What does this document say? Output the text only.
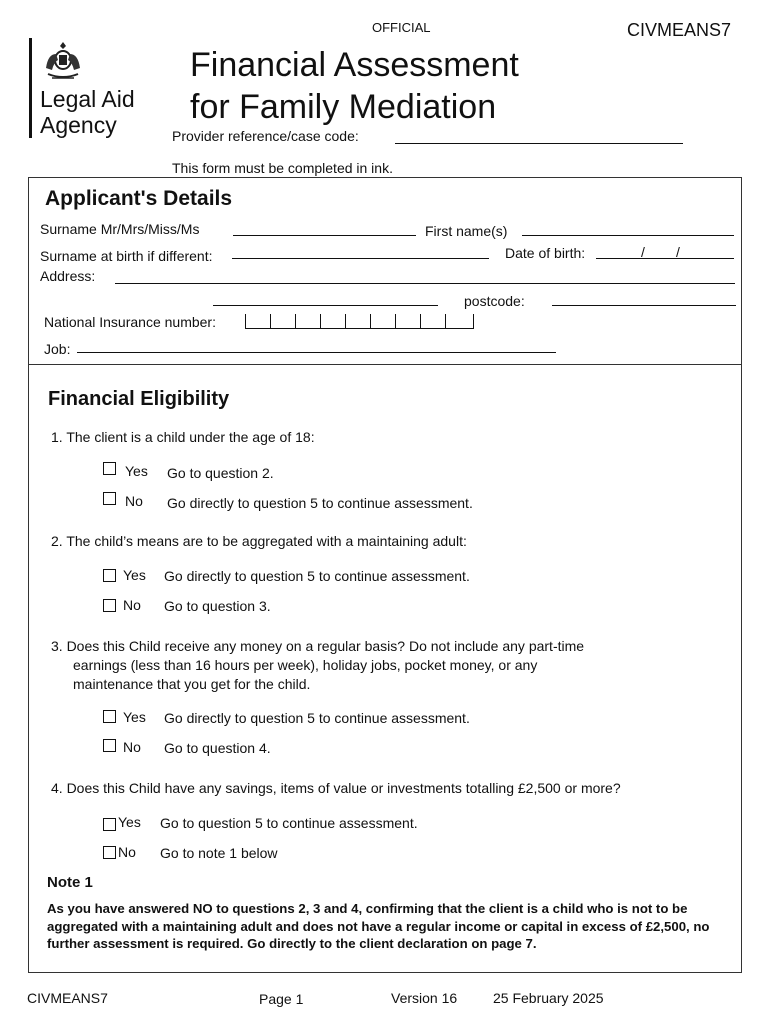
OFFICIAL	CIVMEANS7
Legal Aid
Agency
Financial Assessment
for Family Mediation
Provider reference/case code:
This form must be completed in ink.
Applicant's Details
Surname Mr/Mrs/Miss/Ms	First name(s)
Surname at birth if different:	Date of birth:	/ /
Address:
postcode:
National Insurance number:
Job:
Financial Eligibility
1. The client is a child under the age of 18:
Yes Go to question 2.
No Go directly to question 5 to continue assessment.
2. The child’s means are to be aggregated with a maintaining adult:
Yes Go directly to question 5 to continue assessment.
No Go to question 3.
3. Does this Child receive any money on a regular basis? Do not include any part-time
earnings (less than 16 hours per week), holiday jobs, pocket money, or any
maintenance that you get for the child.
Yes Go directly to question 5 to continue assessment.
No Go to question 4.
4. Does this Child have any savings, items of value or investments totalling £2,500 or more?
Yes Go to question 5 to continue assessment.
No Go to note 1 below
Note 1
As you have answered NO to questions 2, 3 and 4, confirming that the client is a child who is not to be aggregated with a maintaining adult and does not have a regular income or capital in excess of £2,500, no further assessment is required. Go directly to the client declaration on page 7.
CIVMEANS7	Page 1	Version 16	25 February 2025
